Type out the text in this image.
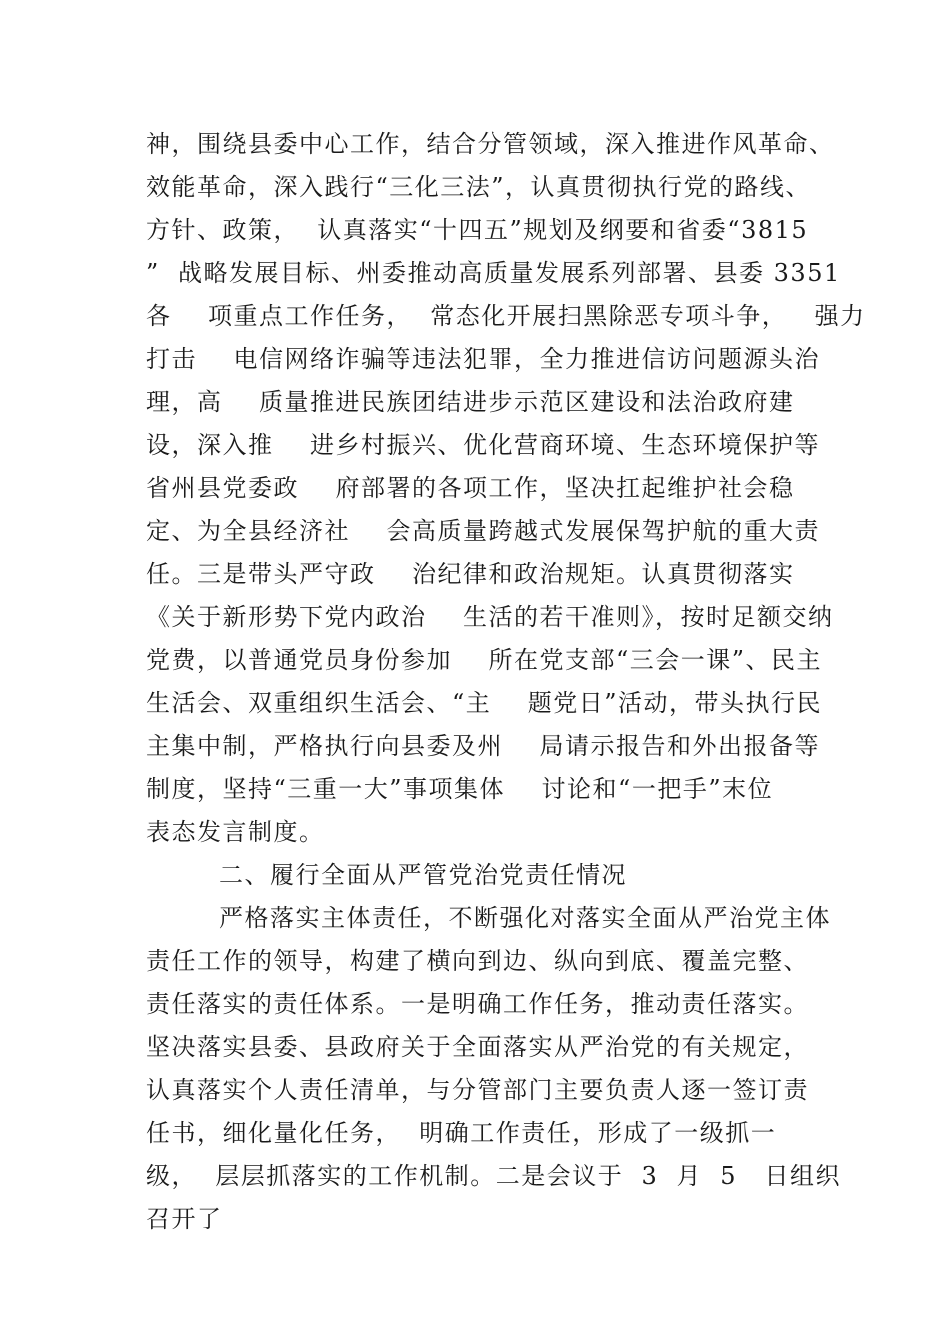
神，围绕县委中心工作，结合分管领域，深入推进作风革命、
效能革命，深入践行“三化三法”，认真贯彻执行党的路线、
方针、政策，  认真落实“十四五”规划及纲要和省委“3815
”  战略发展目标、州委推动高质量发展系列部署、县委 3351
各    项重点工作任务，  常态化开展扫黑除恶专项斗争，   强力
打击    电信网络诈骗等违法犯罪，全力推进信访问题源头治
理，高    质量推进民族团结进步示范区建设和法治政府建
设，深入推    进乡村振兴、优化营商环境、生态环境保护等
省州县党委政    府部署的各项工作，坚决扛起维护社会稳
定、为全县经济社    会高质量跨越式发展保驾护航的重大责
任。三是带头严守政    治纪律和政治规矩。认真贯彻落实
《关于新形势下党内政治    生活的若干准则》，按时足额交纳
党费，以普通党员身份参加    所在党支部“三会一课”、民主
生活会、双重组织生活会、“主    题党日”活动，带头执行民
主集中制，严格执行向县委及州    局请示报告和外出报备等
制度，坚持“三重一大”事项集体    讨论和“一把手”末位
表态发言制度。
二、履行全面从严管党治党责任情况
严格落实主体责任，不断强化对落实全面从严治党主体
责任工作的领导，构建了横向到边、纵向到底、覆盖完整、
责任落实的责任体系。一是明确工作任务，推动责任落实。
坚决落实县委、县政府关于全面落实从严治党的有关规定，
认真落实个人责任清单，与分管部门主要负责人逐一签订责
任书，细化量化任务，  明确工作责任，形成了一级抓一
级，  层层抓落实的工作机制。二是会议于  3  月  5   日组织
召开了
